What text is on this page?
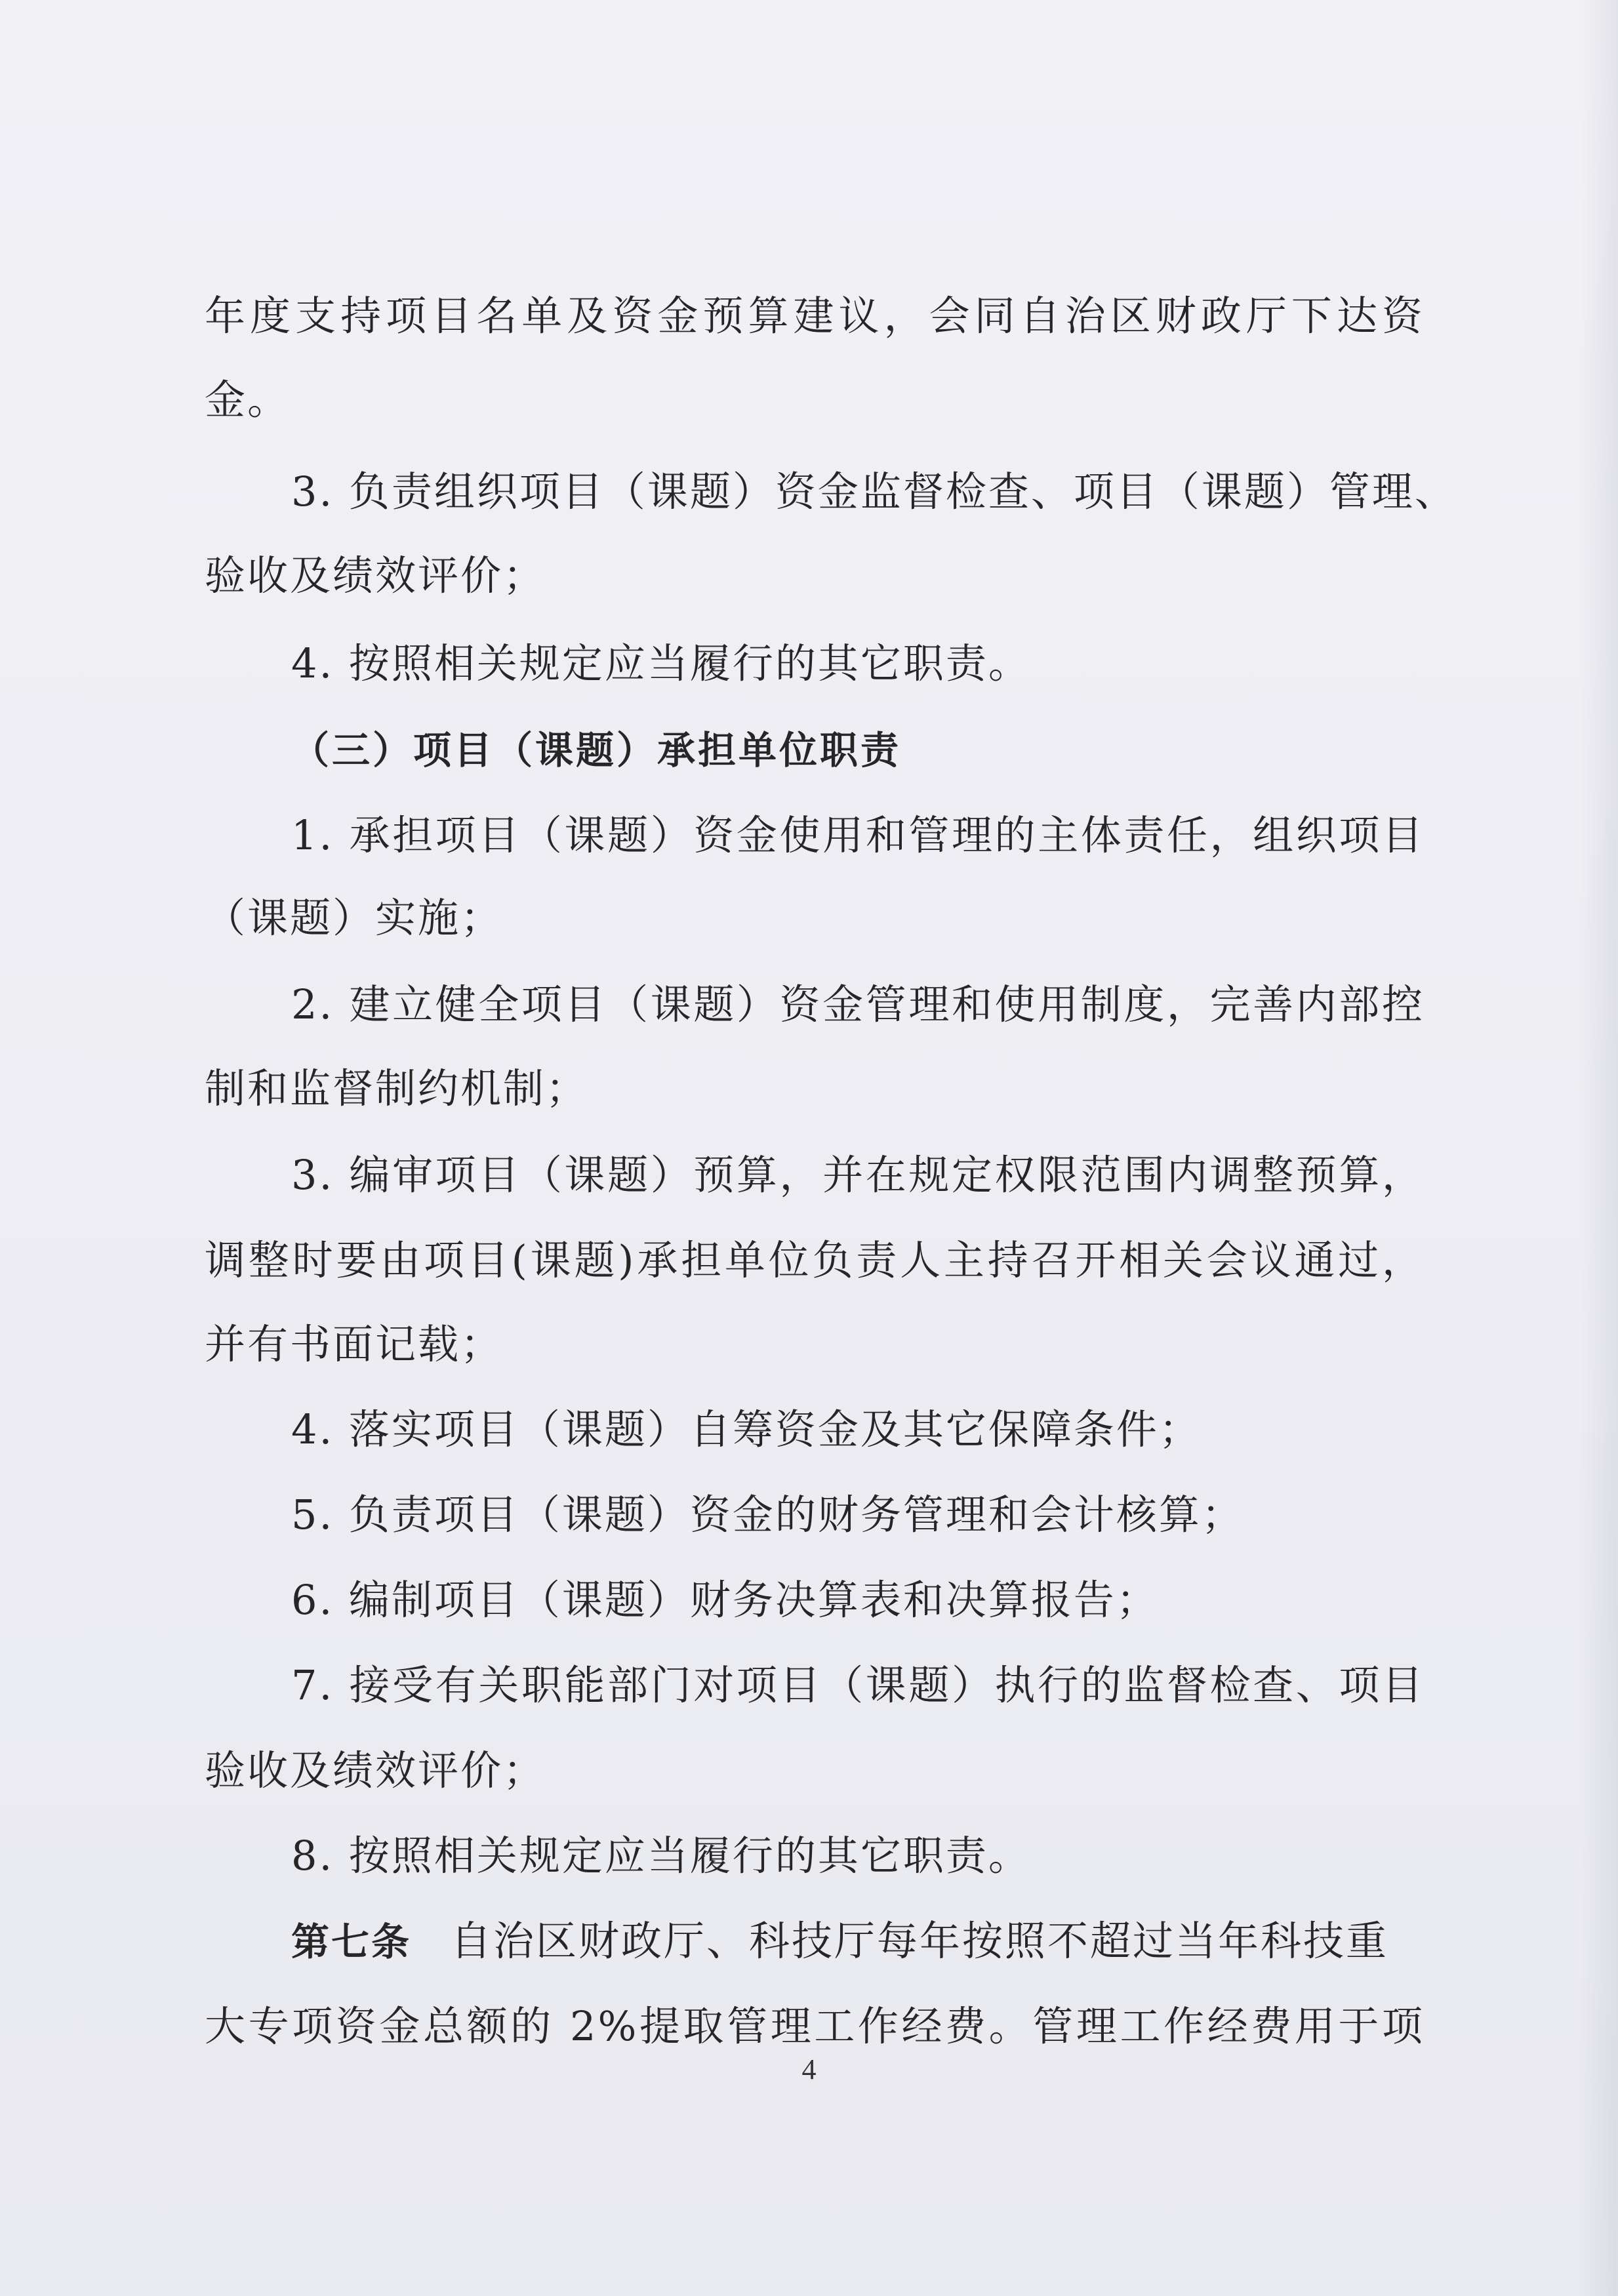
年度支持项目名单及资金预算建议，会同自治区财政厅下达资
金。
3. 负责组织项目（课题）资金监督检查、项目（课题）管理、
验收及绩效评价；
4. 按照相关规定应当履行的其它职责。
（三）项目（课题）承担单位职责
1. 承担项目（课题）资金使用和管理的主体责任，组织项目
（课题）实施；
2. 建立健全项目（课题）资金管理和使用制度，完善内部控
制和监督制约机制；
3. 编审项目（课题）预算，并在规定权限范围内调整预算，
调整时要由项目(课题)承担单位负责人主持召开相关会议通过，
并有书面记载；
4. 落实项目（课题）自筹资金及其它保障条件；
5. 负责项目（课题）资金的财务管理和会计核算；
6. 编制项目（课题）财务决算表和决算报告；
7. 接受有关职能部门对项目（课题）执行的监督检查、项目
验收及绩效评价；
8. 按照相关规定应当履行的其它职责。
第七条 自治区财政厅、科技厅每年按照不超过当年科技重
大专项资金总额的 2%提取管理工作经费。管理工作经费用于项
4
